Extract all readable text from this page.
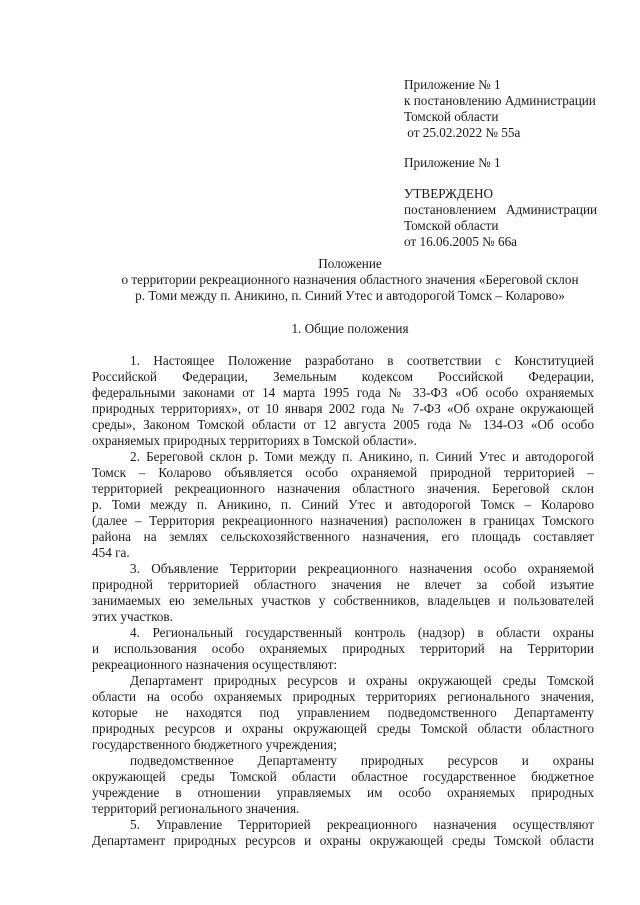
Приложение № 1
к постановлению Администрации
Томской области
от 25.02.2022 № 55а
Приложение № 1
УТВЕРЖДЕНО
постановлением   Администрации
Томской области
от 16.06.2005 № 66а
Положение
о территории рекреационного назначения областного значения «Береговой склон
р. Томи между п. Аникино, п. Синий Утес и автодорогой Томск – Коларово»
1. Общие положения
1. Настоящее Положение разработано в соответствии с Конституцией
Российской Федерации, Земельным кодексом Российской Федерации,
федеральными законами от 14 марта 1995 года № 33-ФЗ «Об особо охраняемых
природных территориях», от 10 января 2002 года № 7-ФЗ «Об охране окружающей
среды», Законом Томской области от 12 августа 2005 года № 134-ОЗ «Об особо
охраняемых природных территориях в Томской области».
2. Береговой склон р. Томи между п. Аникино, п. Синий Утес и автодорогой
Томск – Коларово объявляется особо охраняемой природной территорией –
территорией рекреационного назначения областного значения. Береговой склон
р. Томи между п. Аникино, п. Синий Утес и автодорогой Томск – Коларово
(далее – Территория рекреационного назначения) расположен в границах Томского
района на землях сельскохозяйственного назначения, его площадь составляет
454 га.
3. Объявление Территории рекреационного назначения особо охраняемой
природной территорией областного значения не влечет за собой изъятие
занимаемых ею земельных участков у собственников, владельцев и пользователей
этих участков.
4. Региональный государственный контроль (надзор) в области охраны
и использования особо охраняемых природных территорий на Территории
рекреационного назначения осуществляют:
Департамент природных ресурсов и охраны окружающей среды Томской
области на особо охраняемых природных территориях регионального значения,
которые не находятся под управлением подведомственного Департаменту
природных ресурсов и охраны окружающей среды Томской области областного
государственного бюджетного учреждения;
подведомственное Департаменту природных ресурсов и охраны
окружающей среды Томской области областное государственное бюджетное
учреждение в отношении управляемых им особо охраняемых природных
территорий регионального значения.
5. Управление Территорией рекреационного назначения осуществляют
Департамент природных ресурсов и охраны окружающей среды Томской области
